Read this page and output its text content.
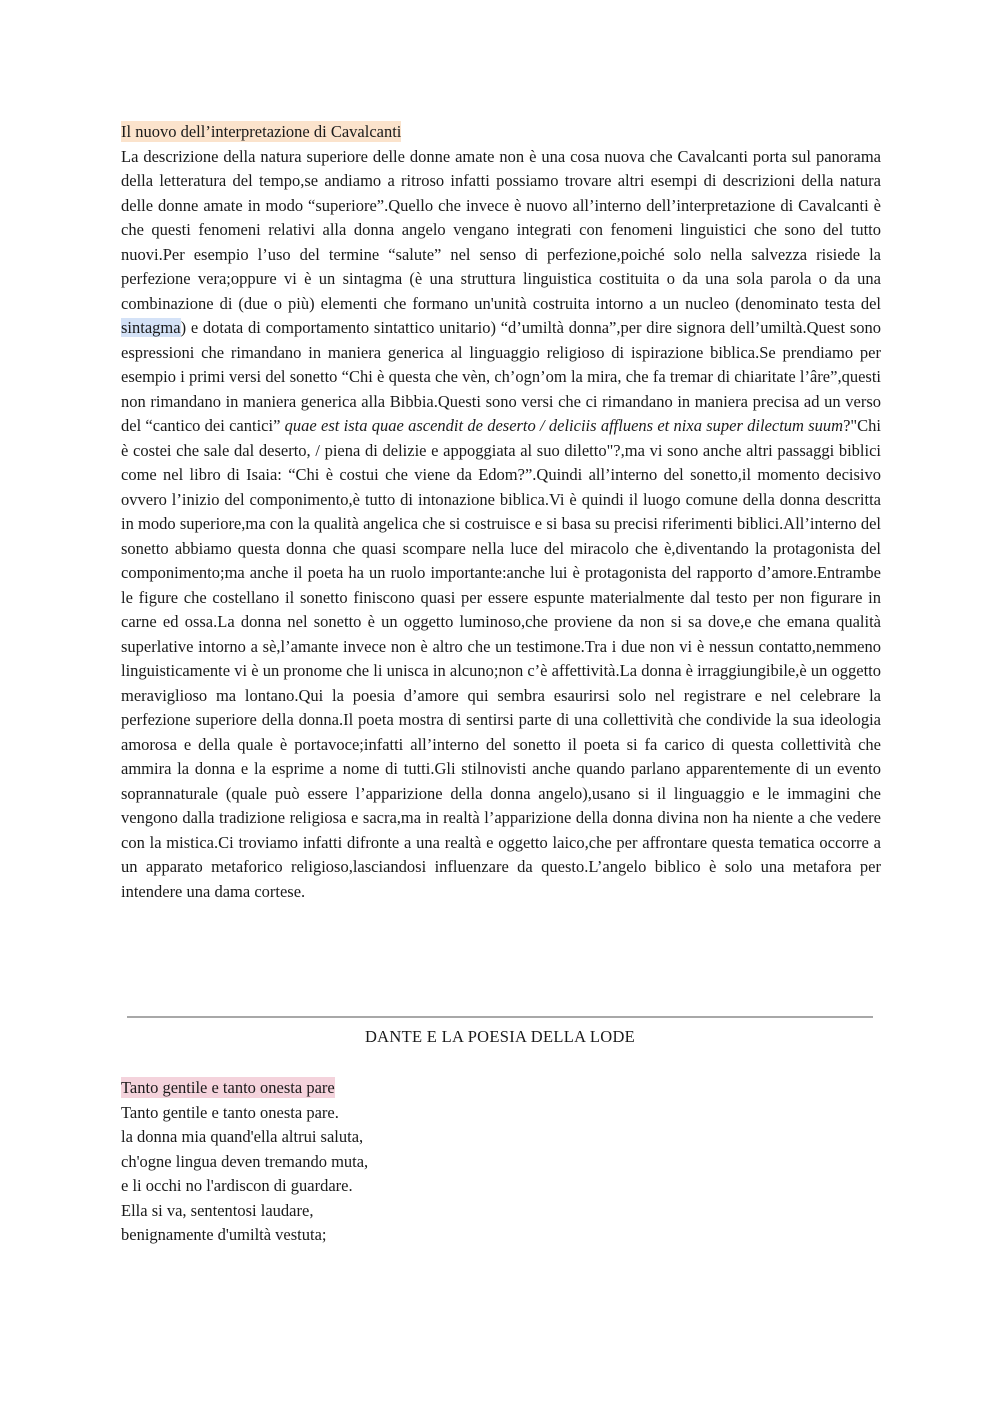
Il nuovo dell’interpretazione di Cavalcanti

La descrizione della natura superiore delle donne amate non è una cosa nuova che Cavalcanti porta sul panorama della letteratura del tempo,se andiamo a ritroso infatti possiamo trovare altri esempi di descrizioni della natura delle donne amate in modo “superiore”.Quello che invece è nuovo all’interno dell’interpretazione di Cavalcanti è che questi fenomeni relativi alla donna angelo vengano integrati con fenomeni linguistici che sono del tutto nuovi.Per esempio l’uso del termine “salute” nel senso di perfezione,poiché solo nella salvezza risiede la perfezione vera;oppure vi è un sintagma (è una struttura linguistica costituita o da una sola parola o da una combinazione di (due o più) elementi che formano un'unità costruita intorno a un nucleo (denominato testa del sintagma) e dotata di comportamento sintattico unitario) “d’umiltà donna”,per dire signora dell’umiltà.Quest sono espressioni che rimandano in maniera generica al linguaggio religioso di ispirazione biblica.Se prendiamo per esempio i primi versi del sonetto “Chi è questa che vèn, ch’ogn’om la mira, che fa tremar di chiaritate l’âre”,questi non rimandano in maniera generica alla Bibbia.Questi sono versi che ci rimandano in maniera precisa ad un verso del “cantico dei cantici” quae est ista quae ascendit de deserto / deliciis affluens et nixa super dilectum suum?"Chi è costei che sale dal deserto, / piena di delizie e appoggiata al suo diletto"?,ma vi sono anche altri passaggi biblici come nel libro di Isaia: “Chi è costui che viene da Edom?”.Quindi all’interno del sonetto,il momento decisivo ovvero l’inizio del componimento,è tutto di intonazione biblica.Vi è quindi il luogo comune della donna descritta in modo superiore,ma con la qualità angelica che si costruisce e si basa su precisi riferimenti biblici.All’interno del sonetto abbiamo questa donna che quasi scompare nella luce del miracolo che è,diventando la protagonista del componimento;ma anche il poeta ha un ruolo importante:anche lui è protagonista del rapporto d’amore.Entrambe le figure che costellano il sonetto finiscono quasi per essere espunte materialmente dal testo per non figurare in carne ed ossa.La donna nel sonetto è un oggetto luminoso,che proviene da non si sa dove,e che emana qualità superlative intorno a sè,l’amante invece non è altro che un testimone.Tra i due non vi è nessun contatto,nemmeno linguisticamente vi è un pronome che li unisca in alcuno;non c’è affettività.La donna è irraggiungibile,è un oggetto meraviglioso ma lontano.Qui la poesia d’amore qui sembra esaurirsi solo nel registrare e nel celebrare la perfezione superiore della donna.Il poeta mostra di sentirsi parte di una collettività che condivide la sua ideologia amorosa e della quale è portavoce;infatti all’interno del sonetto il poeta si fa carico di questa collettività che ammira la donna e la esprime a nome di tutti.Gli stilnovisti anche quando parlano apparentemente di un evento soprannaturale (quale può essere l’apparizione della donna angelo),usano si il linguaggio e le immagini che vengono dalla tradizione religiosa e sacra,ma in realtà l’apparizione della donna divina non ha niente a che vedere con la mistica.Ci troviamo infatti difronte a una realtà e oggetto laico,che per affrontare questa tematica occorre a un apparato metaforico religioso,lasciandosi influenzare da questo.L’angelo biblico è solo una metafora per intendere una dama cortese.

DANTE E LA POESIA DELLA LODE
Tanto gentile e tanto onesta pare
Tanto gentile e tanto onesta pare.
la donna mia quand'ella altrui saluta,
ch'ogne lingua deven tremando muta,
e li occhi no l'ardiscon di guardare.
Ella si va, sententosi laudare,
benignamente d'umiltà vestuta;
